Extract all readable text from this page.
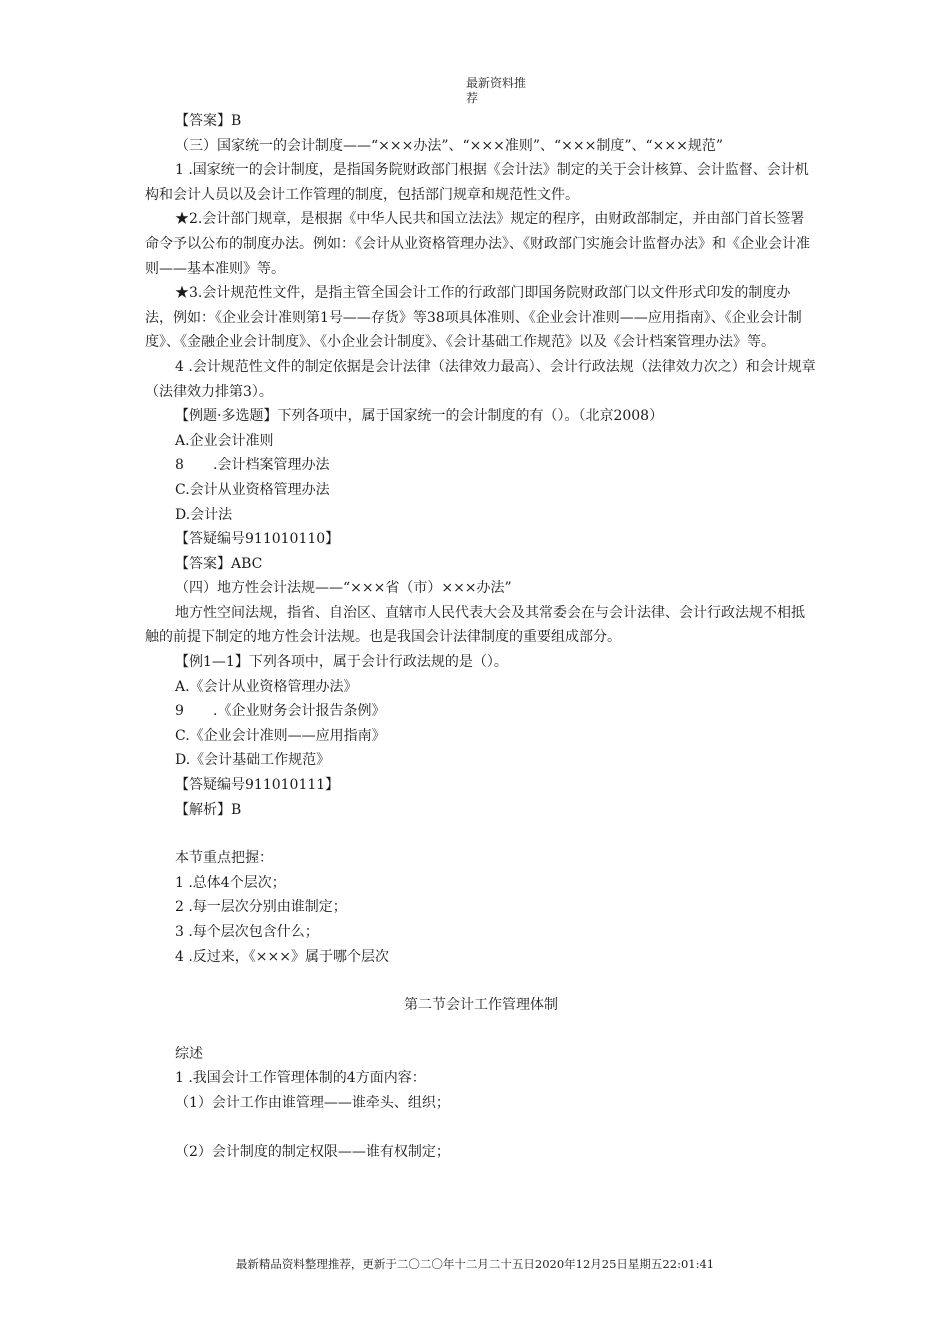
最新资料推荐

【答案】B

（三）国家统一的会计制度——“×××办法”、“×××准则”、“×××制度”、“×××规范”

1 .国家统一的会计制度，是指国务院财政部门根据《会计法》制定的关于会计核算、会计监督、会计机构和会计人员以及会计工作管理的制度，包括部门规章和规范性文件。

★2.会计部门规章，是根据《中华人民共和国立法法》规定的程序，由财政部制定，并由部门首长签署命令予以公布的制度办法。例如：《会计从业资格管理办法》、《财政部门实施会计监督办法》和《企业会计准则——基本准则》等。

★3.会计规范性文件，是指主管全国会计工作的行政部门即国务院财政部门以文件形式印发的制度办法，例如：《企业会计准则第1号——存货》等38项具体准则、《企业会计准则——应用指南》、《企业会计制度》、《金融企业会计制度》、《小企业会计制度》、《会计基础工作规范》以及《会计档案管理办法》等。

4 .会计规范性文件的制定依据是会计法律（法律效力最高）、会计行政法规（法律效力次之）和会计规章（法律效力排第3）。

【例题·多选题】下列各项中，属于国家统一的会计制度的有（）。（北京2008）

A.企业会计准则

8 .会计档案管理办法

C.会计从业资格管理办法

D.会计法

【答疑编号911010110】

【答案】ABC

（四）地方性会计法规——“×××省（市）×××办法”

地方性空间法规，指省、自治区、直辖市人民代表大会及其常委会在与会计法律、会计行政法规不相抵触的前提下制定的地方性会计法规。也是我国会计法律制度的重要组成部分。

【例1—1】下列各项中，属于会计行政法规的是（）。

A.《会计从业资格管理办法》

9 .《企业财务会计报告条例》

C.《企业会计准则——应用指南》

D.《会计基础工作规范》

【答疑编号911010111】

【解析】B

本节重点把握：

1 .总体4个层次；

2 .每一层次分别由谁制定；

3 .每个层次包含什么；

4 .反过来，《×××》属于哪个层次

第二节会计工作管理体制

综述

1 .我国会计工作管理体制的4方面内容：

（1）会计工作由谁管理——谁牵头、组织；

（2）会计制度的制定权限——谁有权制定；

最新精品资料整理推荐，更新于二〇二〇年十二月二十五日2020年12月25日星期五22:01:41
